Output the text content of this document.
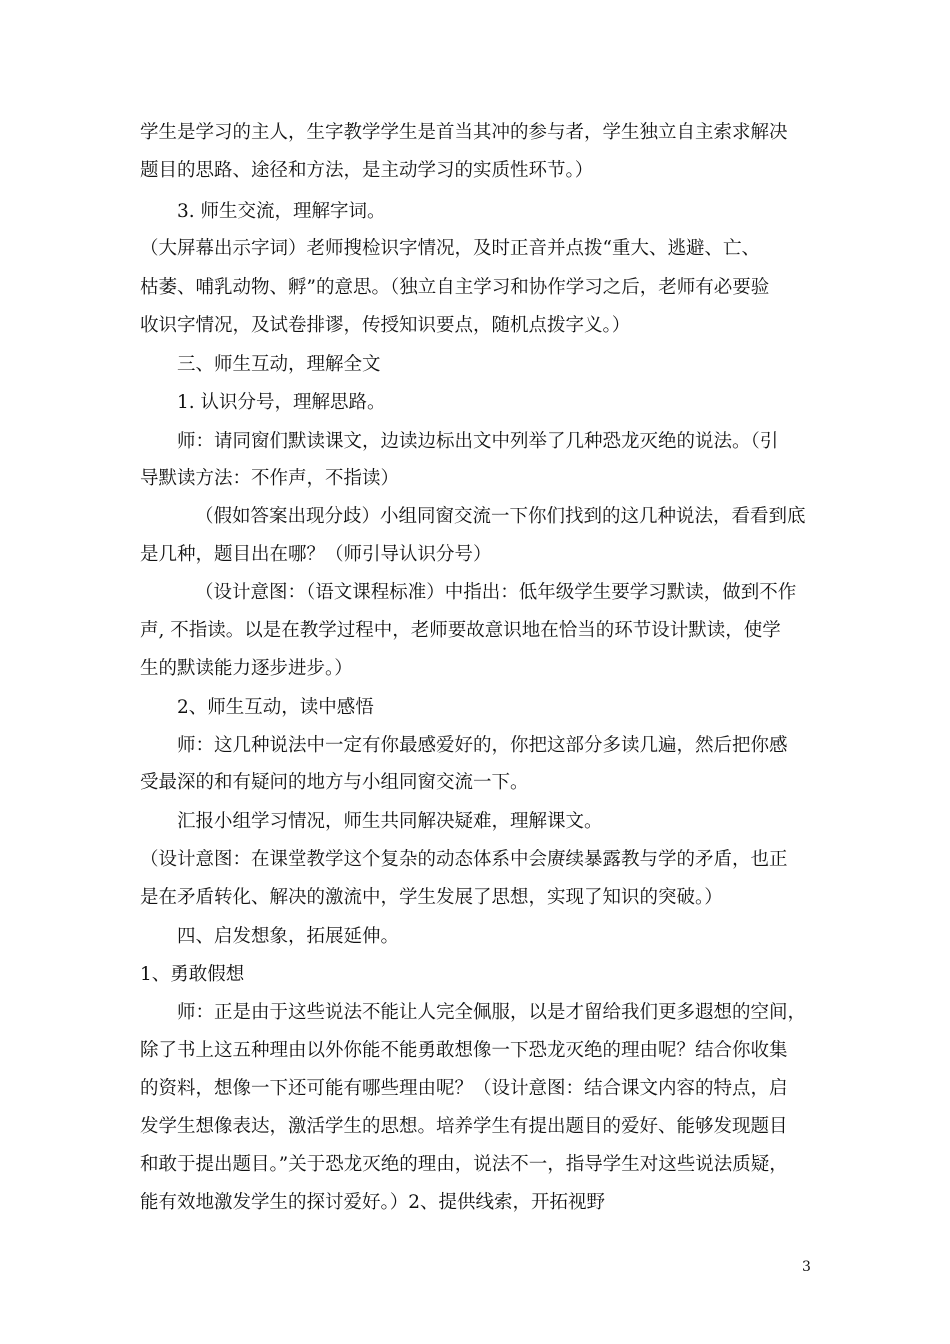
学生是学习的主人，生字教学学生是首当其冲的参与者，学生独立自主索求解决
题目的思路、途径和方法，是主动学习的实质性环节。）
3. 师生交流，理解字词。
（大屏幕出示字词）老师搜检识字情况，及时正音并点拨“重大、逃避、亡、
枯萎、哺乳动物、孵”的意思。（独立自主学习和协作学习之后，老师有必要验
收识字情况，及试卷排谬，传授知识要点，随机点拨字义。）
三、师生互动，理解全文
1. 认识分号，理解思路。
师：请同窗们默读课文，边读边标出文中列举了几种恐龙灭绝的说法。（引
导默读方法：不作声，不指读）
（假如答案出现分歧）小组同窗交流一下你们找到的这几种说法，看看到底
是几种，题目出在哪？（师引导认识分号）
（设计意图：（语文课程标准）中指出：低年级学生要学习默读，做到不作
声, 不指读。以是在教学过程中，老师要故意识地在恰当的环节设计默读，使学
生的默读能力逐步进步。）
2、师生互动，读中感悟
师：这几种说法中一定有你最感爱好的，你把这部分多读几遍，然后把你感
受最深的和有疑问的地方与小组同窗交流一下。
汇报小组学习情况，师生共同解决疑难，理解课文。
（设计意图：在课堂教学这个复杂的动态体系中会赓续暴露教与学的矛盾，也正
是在矛盾转化、解决的激流中，学生发展了思想，实现了知识的突破。）
四、启发想象，拓展延伸。
1、勇敢假想
师：正是由于这些说法不能让人完全佩服，以是才留给我们更多遐想的空间，
除了书上这五种理由以外你能不能勇敢想像一下恐龙灭绝的理由呢？结合你收集
的资料，想像一下还可能有哪些理由呢？（设计意图：结合课文内容的特点，启
发学生想像表达，激活学生的思想。培养学生有提出题目的爱好、能够发现题目
和敢于提出题目。”关于恐龙灭绝的理由，说法不一，指导学生对这些说法质疑，
能有效地激发学生的探讨爱好。）2、提供线索，开拓视野
3
